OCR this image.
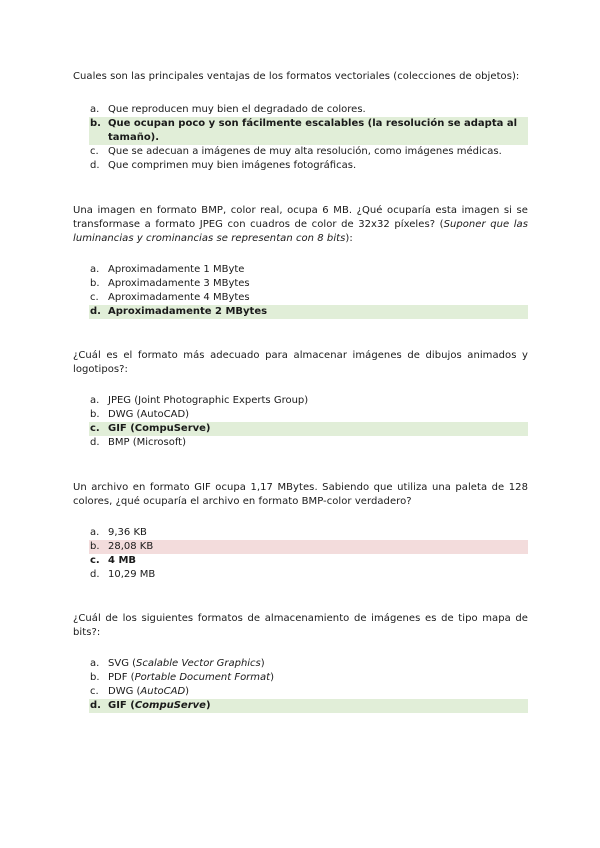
Cuales son las principales ventajas de los formatos vectoriales (colecciones de objetos):

a. Que reproducen muy bien el degradado de colores.
b. Que ocupan poco y son fácilmente escalables (la resolución se adapta al tamaño).
c. Que se adecuan a imágenes de muy alta resolución, como imágenes médicas.
d. Que comprimen muy bien imágenes fotográficas.

Una imagen en formato BMP, color real, ocupa 6 MB. ¿Qué ocuparía esta imagen si se transformase a formato JPEG con cuadros de color de 32x32 píxeles? (Suponer que las luminancias y crominancias se representan con 8 bits):

a. Aproximadamente 1 MByte
b. Aproximadamente 3 MBytes
c. Aproximadamente 4 MBytes
d. Aproximadamente 2 MBytes

¿Cuál es el formato más adecuado para almacenar imágenes de dibujos animados y logotipos?:

a. JPEG (Joint Photographic Experts Group)
b. DWG (AutoCAD)
c. GIF (CompuServe)
d. BMP (Microsoft)

Un archivo en formato GIF ocupa 1,17 MBytes. Sabiendo que utiliza una paleta de 128 colores, ¿qué ocuparía el archivo en formato BMP-color verdadero?

a. 9,36 KB
b. 28,08 KB
c. 4 MB
d. 10,29 MB

¿Cuál de los siguientes formatos de almacenamiento de imágenes es de tipo mapa de bits?:

a. SVG (Scalable Vector Graphics)
b. PDF (Portable Document Format)
c. DWG (AutoCAD)
d. GIF (CompuServe)
